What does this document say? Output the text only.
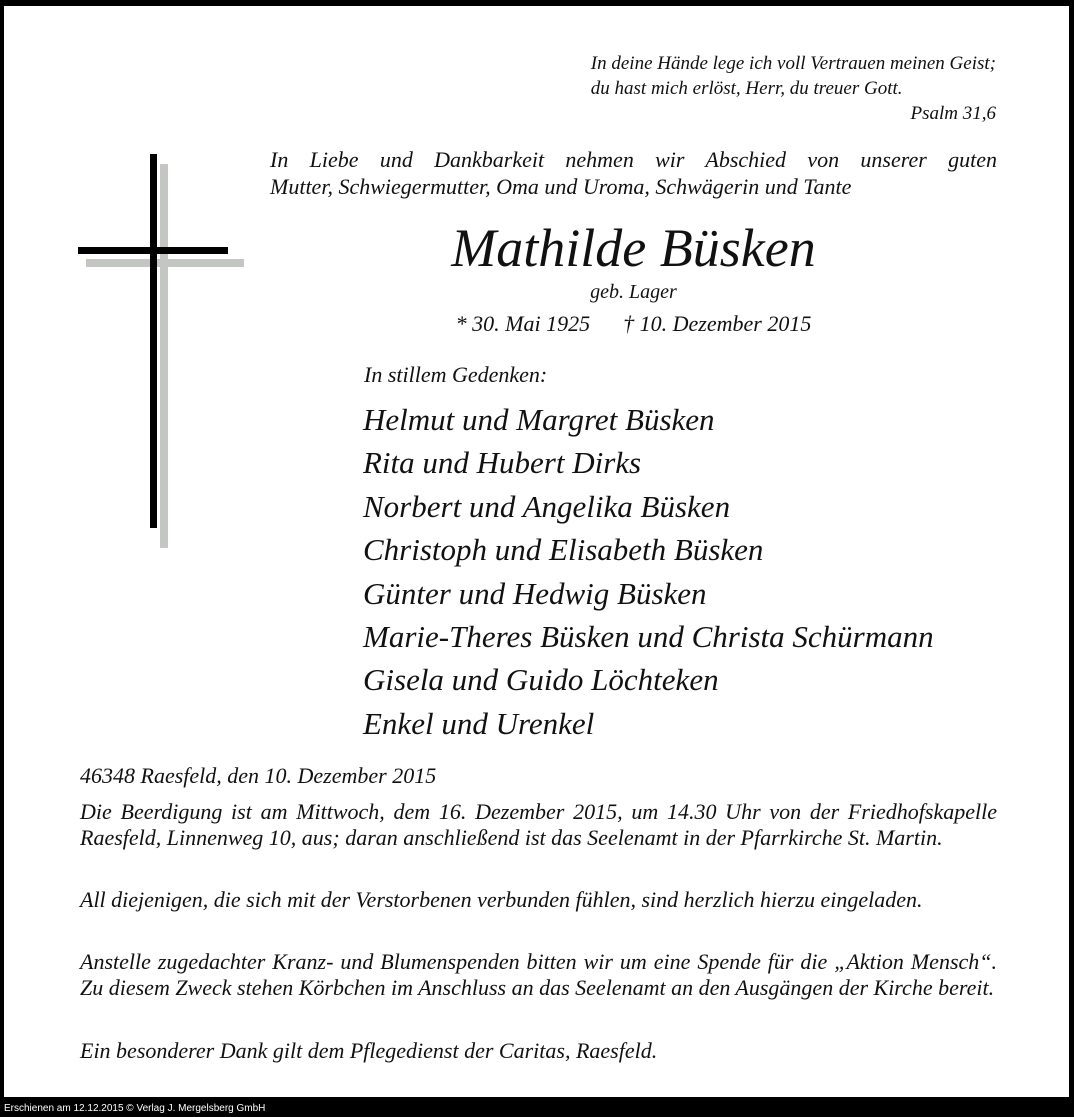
In deine Hände lege ich voll Vertrauen meinen Geist;
du hast mich erlöst, Herr, du treuer Gott.
Psalm 31,6
In Liebe und Dankbarkeit nehmen wir Abschied von unserer guten
Mutter, Schwiegermutter, Oma und Uroma, Schwägerin und Tante
Mathilde Büsken
geb. Lager
* 30. Mai 1925 † 10. Dezember 2015
In stillem Gedenken:
Helmut und Margret Büsken
Rita und Hubert Dirks
Norbert und Angelika Büsken
Christoph und Elisabeth Büsken
Günter und Hedwig Büsken
Marie-Theres Büsken und Christa Schürmann
Gisela und Guido Löchteken
Enkel und Urenkel
46348 Raesfeld, den 10. Dezember 2015
Die Beerdigung ist am Mittwoch, dem 16. Dezember 2015, um 14.30 Uhr von der Friedhofskapelle Raesfeld, Linnenweg 10, aus; daran anschließend ist das Seelenamt in der Pfarrkirche St. Martin.
All diejenigen, die sich mit der Verstorbenen verbunden fühlen, sind herzlich hierzu eingeladen.
Anstelle zugedachter Kranz- und Blumenspenden bitten wir um eine Spende für die „Aktion Mensch“. Zu diesem Zweck stehen Körbchen im Anschluss an das Seelenamt an den Ausgängen der Kirche bereit.
Ein besonderer Dank gilt dem Pflegedienst der Caritas, Raesfeld.
Erschienen am 12.12.2015 © Verlag J. Mergelsberg GmbH
